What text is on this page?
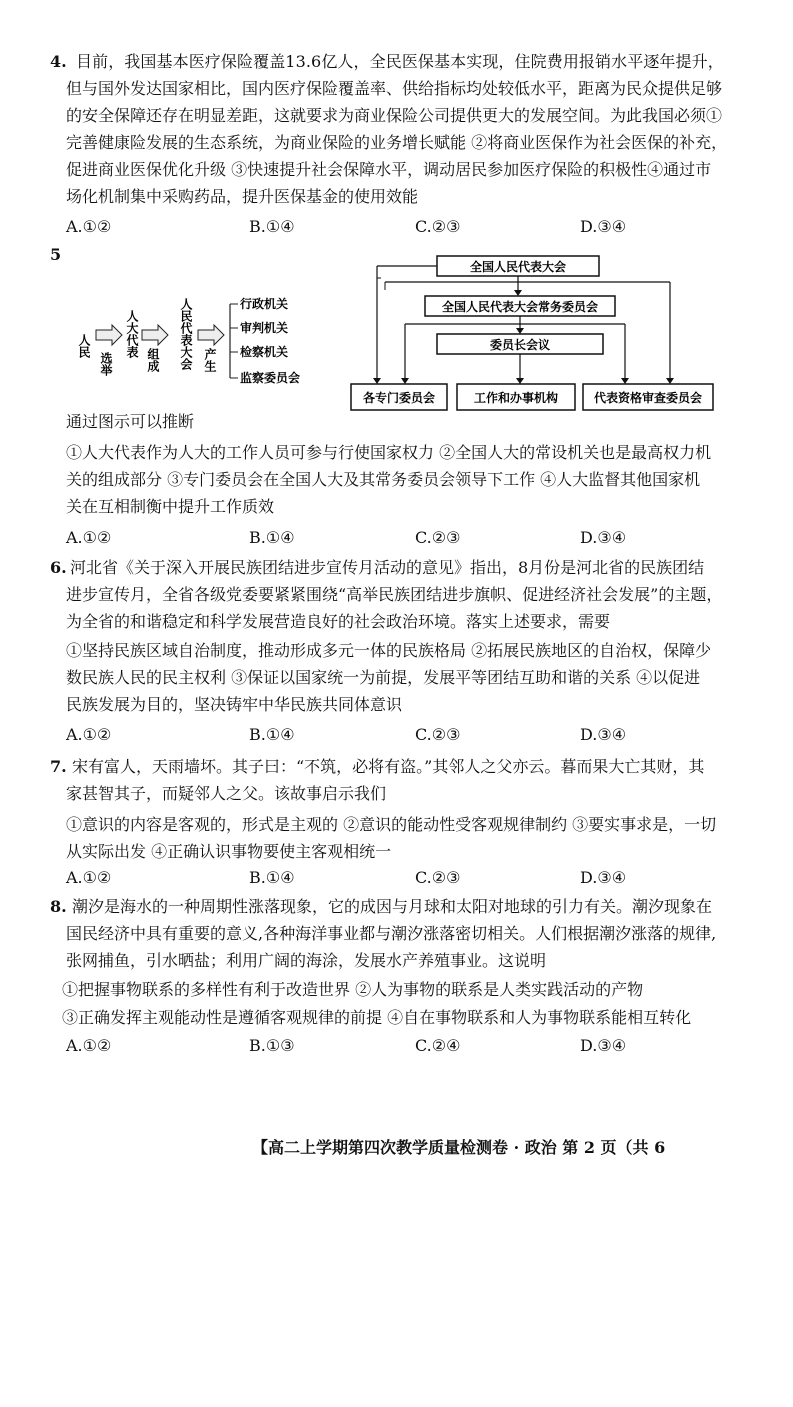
4. 目前，我国基本医疗保险覆盖13.6亿人，全民医保基本实现，住院费用报销水平逐年提升，
但与国外发达国家相比，国内医疗保险覆盖率、供给指标均处较低水平，距离为民众提供足够
的安全保障还存在明显差距，这就要求为商业保险公司提供更大的发展空间。为此我国必须①
完善健康险发展的生态系统，为商业保险的业务增长赋能 ②将商业医保作为社会医保的补充，
促进商业医保优化升级 ③快速提升社会保障水平，调动居民参加医疗保险的积极性④通过市
场化机制集中采购药品，提升医保基金的使用效能
A.①②	B.①④	C.②③	D.③④
5
人民
选举
人大代表
组成 人民代表大会 产生
行政机关
审判机关
检察机关
监察委员会
全国人民代表大会
全国人民代表大会常务委员会
委员长会议
各专门委员会	工作和办事机构	代表资格审查委员会
通过图示可以推断
①人大代表作为人大的工作人员可参与行使国家权力 ②全国人大的常设机关也是最高权力机
关的组成部分 ③专门委员会在全国人大及其常务委员会领导下工作 ④人大监督其他国家机
关在互相制衡中提升工作质效
A.①②	B.①④	C.②③	D.③④
6. 河北省《关于深入开展民族团结进步宣传月活动的意见》指出，8月份是河北省的民族团结
进步宣传月，全省各级党委要紧紧围绕“高举民族团结进步旗帜、促进经济社会发展”的主题，
为全省的和谐稳定和科学发展营造良好的社会政治环境。落实上述要求，需要
①坚持民族区域自治制度，推动形成多元一体的民族格局 ②拓展民族地区的自治权，保障少
数民族人民的民主权利 ③保证以国家统一为前提，发展平等团结互助和谐的关系 ④以促进
民族发展为目的，坚决铸牢中华民族共同体意识
A.①②	B.①④	C.②③	D.③④
7. 宋有富人，天雨墙坏。其子曰：“不筑，必将有盗。”其邻人之父亦云。暮而果大亡其财，其
家甚智其子，而疑邻人之父。该故事启示我们
①意识的内容是客观的，形式是主观的 ②意识的能动性受客观规律制约 ③要实事求是，一切
从实际出发 ④正确认识事物要使主客观相统一
A.①②	B.①④	C.②③	D.③④
8. 潮汐是海水的一种周期性涨落现象，它的成因与月球和太阳对地球的引力有关。潮汐现象在
国民经济中具有重要的意义,各种海洋事业都与潮汐涨落密切相关。人们根据潮汐涨落的规律,
张网捕鱼，引水晒盐；利用广阔的海涂，发展水产养殖事业。这说明
①把握事物联系的多样性有利于改造世界 ②人为事物的联系是人类实践活动的产物
③正确发挥主观能动性是遵循客观规律的前提 ④自在事物联系和人为事物联系能相互转化
A.①②	B.①③	C.②④	D.③④
【高二上学期第四次教学质量检测卷 · 政治 第 2 页（共 6
